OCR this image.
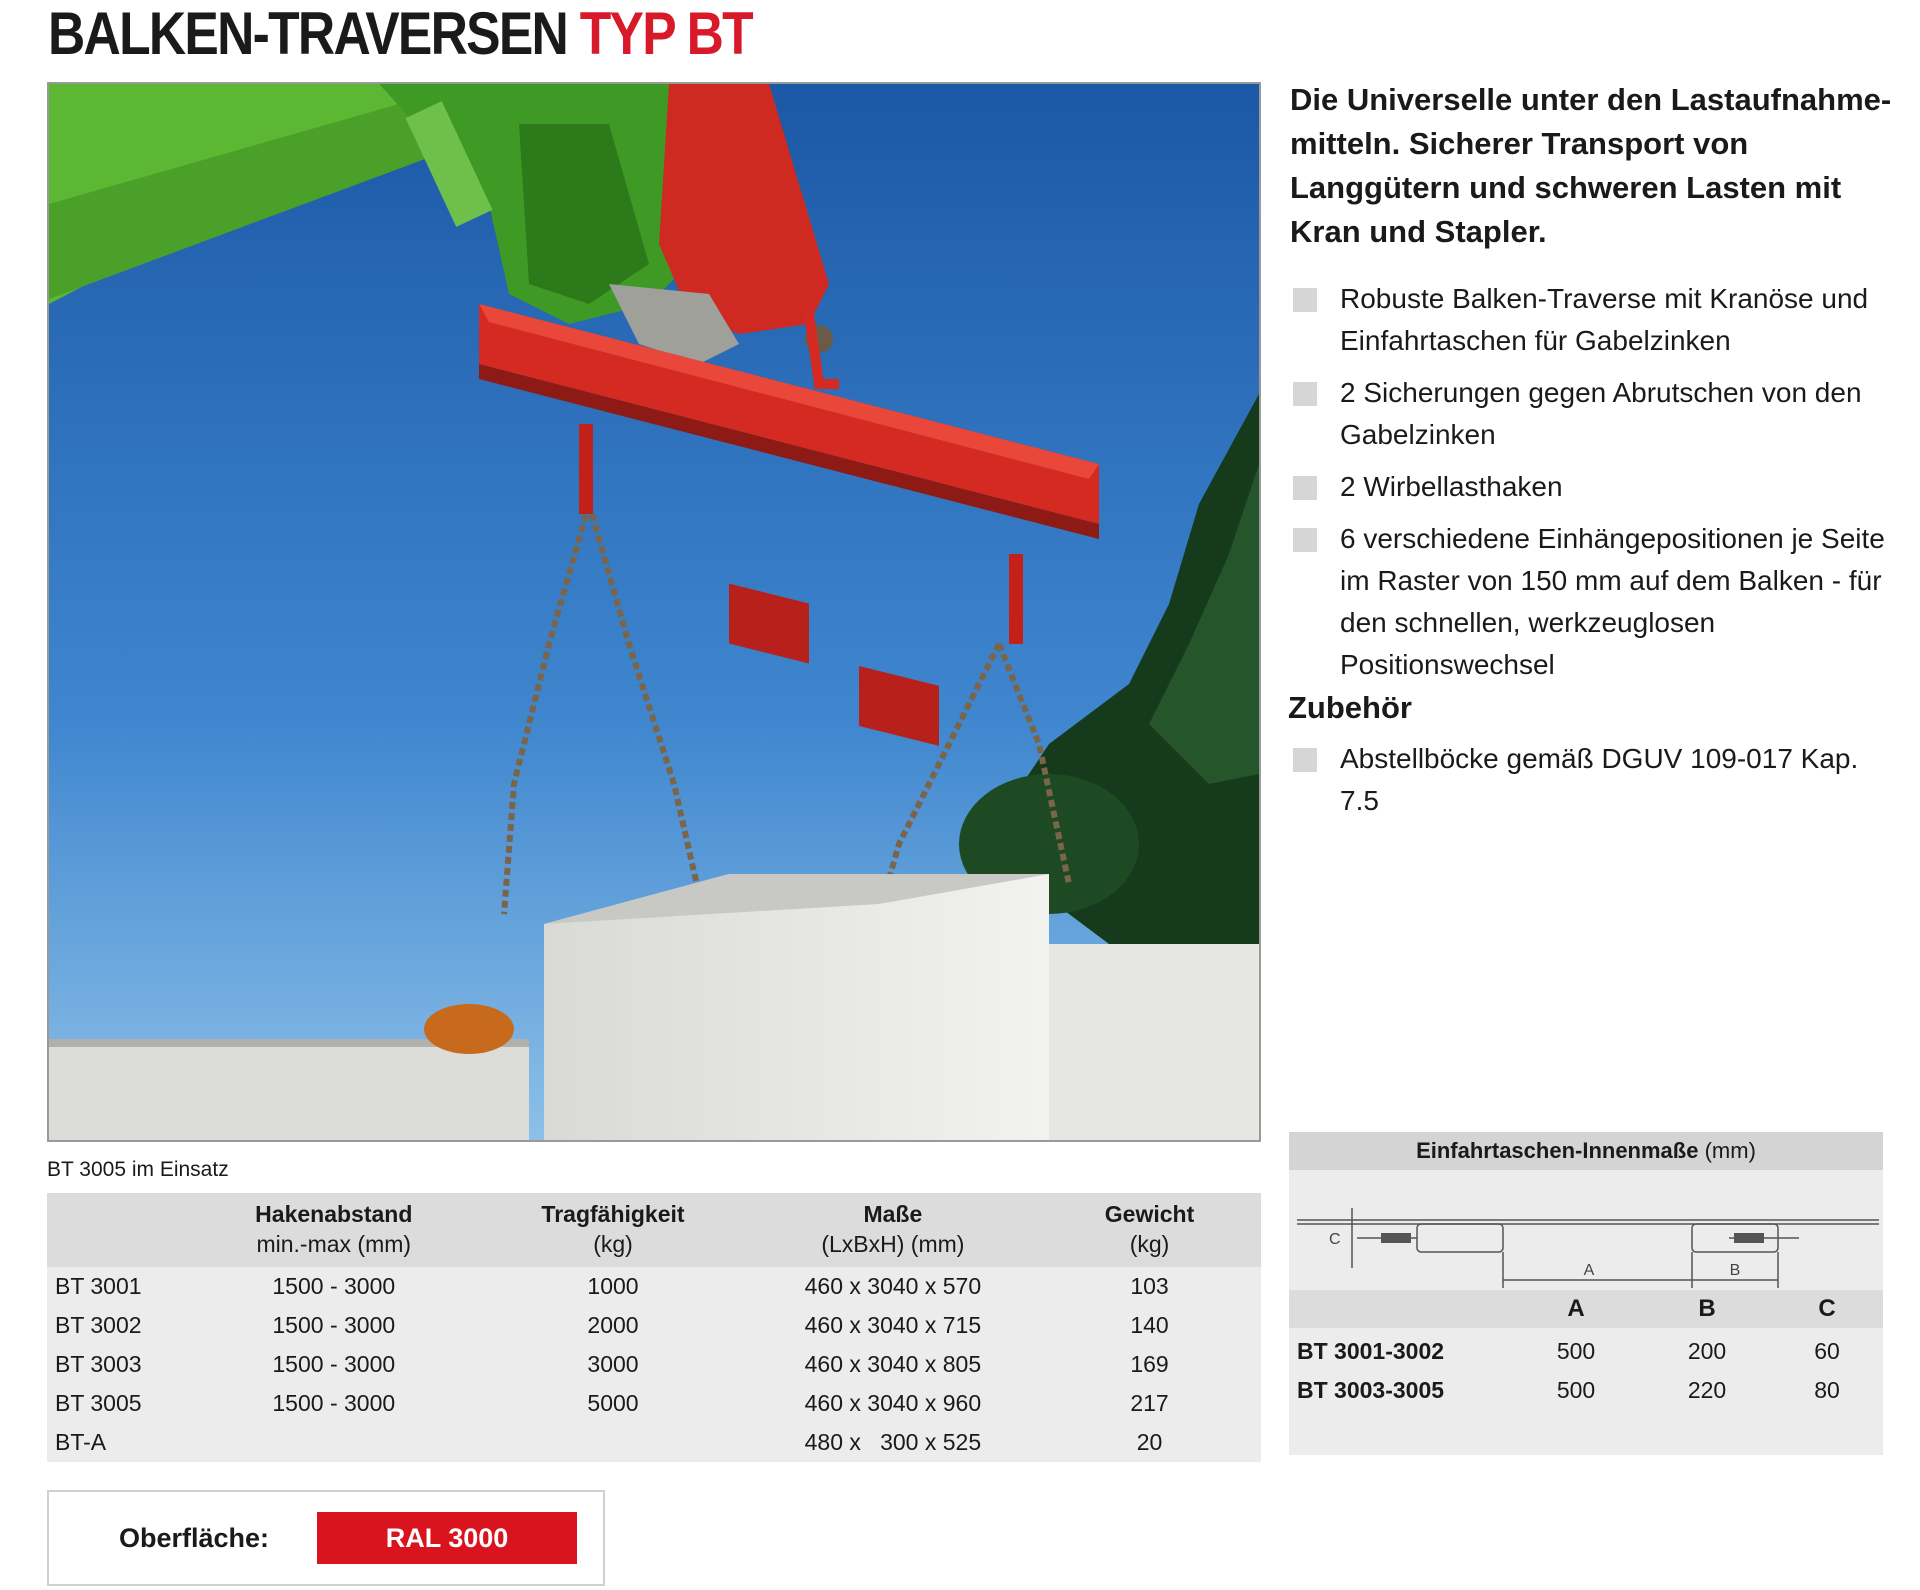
BALKEN-TRAVERSEN TYP BT
BT 3005 im Einsatz
Die Universelle unter den Lastaufnahme-mitteln. Sicherer Transport von Langgütern und schweren Lasten mit Kran und Stapler.
Robuste Balken-Traverse mit Kranöse und Einfahrtaschen für Gabelzinken
2 Sicherungen gegen Abrutschen von den Gabelzinken
2 Wirbellasthaken
6 verschiedene Einhängepositionen je Seite im Raster von 150 mm auf dem Balken - für den schnellen, werkzeuglosen Positionswechsel
Zubehör
Abstellböcke gemäß DGUV 109-017 Kap. 7.5
	Hakenabstand	Tragfähigkeit	Maße	Gewicht
	min.-max (mm)	(kg)	(LxBxH) (mm)	(kg)
BT 3001	1500 - 3000	1000	460 x 3040 x 570	103
BT 3002	1500 - 3000	2000	460 x 3040 x 715	140
BT 3003	1500 - 3000	3000	460 x 3040 x 805	169
BT 3005	1500 - 3000	5000	460 x 3040 x 960	217
BT-A			480 x   300 x 525	20
Einfahrtaschen-Innenmaße (mm)
C
A	B
A	B	C
BT 3001-3002	500	200	60
BT 3003-3005	500	220	80
Oberfläche:	RAL 3000
